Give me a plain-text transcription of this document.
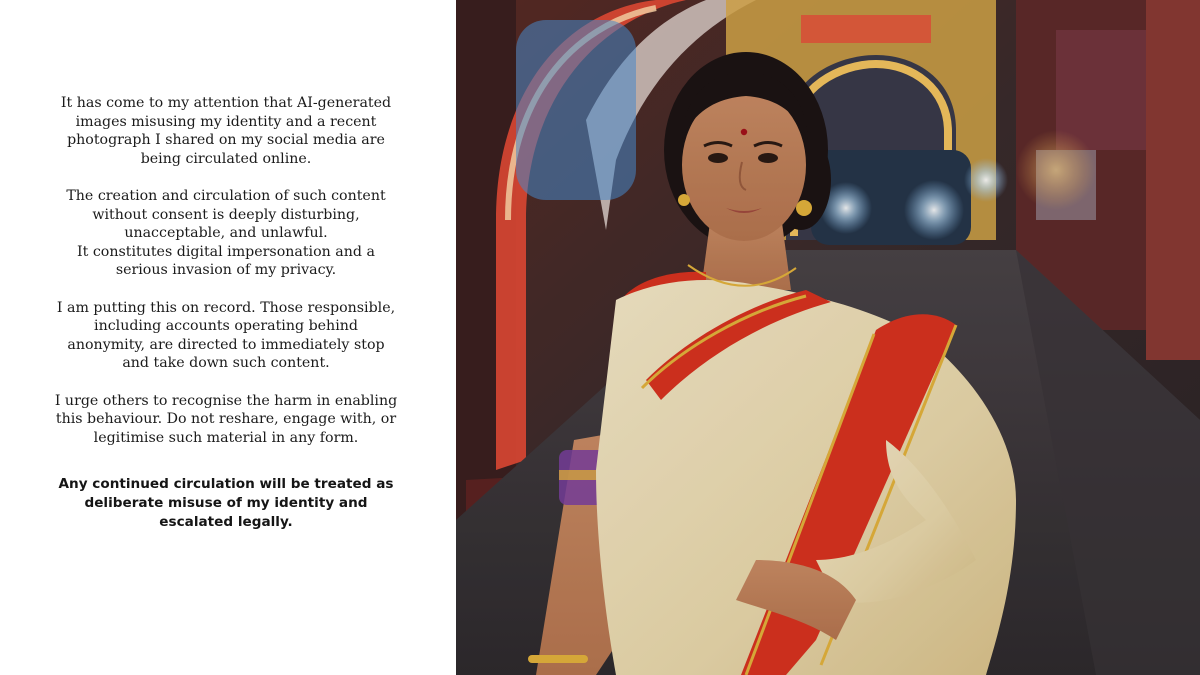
It has come to my attention that AI-generated
images misusing my identity and a recent
photograph I shared on my social media are
being circulated online.

The creation and circulation of such content
without consent is deeply disturbing,
unacceptable, and unlawful.
It constitutes digital impersonation and a
serious invasion of my privacy.

I am putting this on record. Those responsible,
including accounts operating behind
anonymity, are directed to immediately stop
and take down such content.

I urge others to recognise the harm in enabling
this behaviour. Do not reshare, engage with, or
legitimise such material in any form.

Any continued circulation will be treated as
deliberate misuse of my identity and
escalated legally.
